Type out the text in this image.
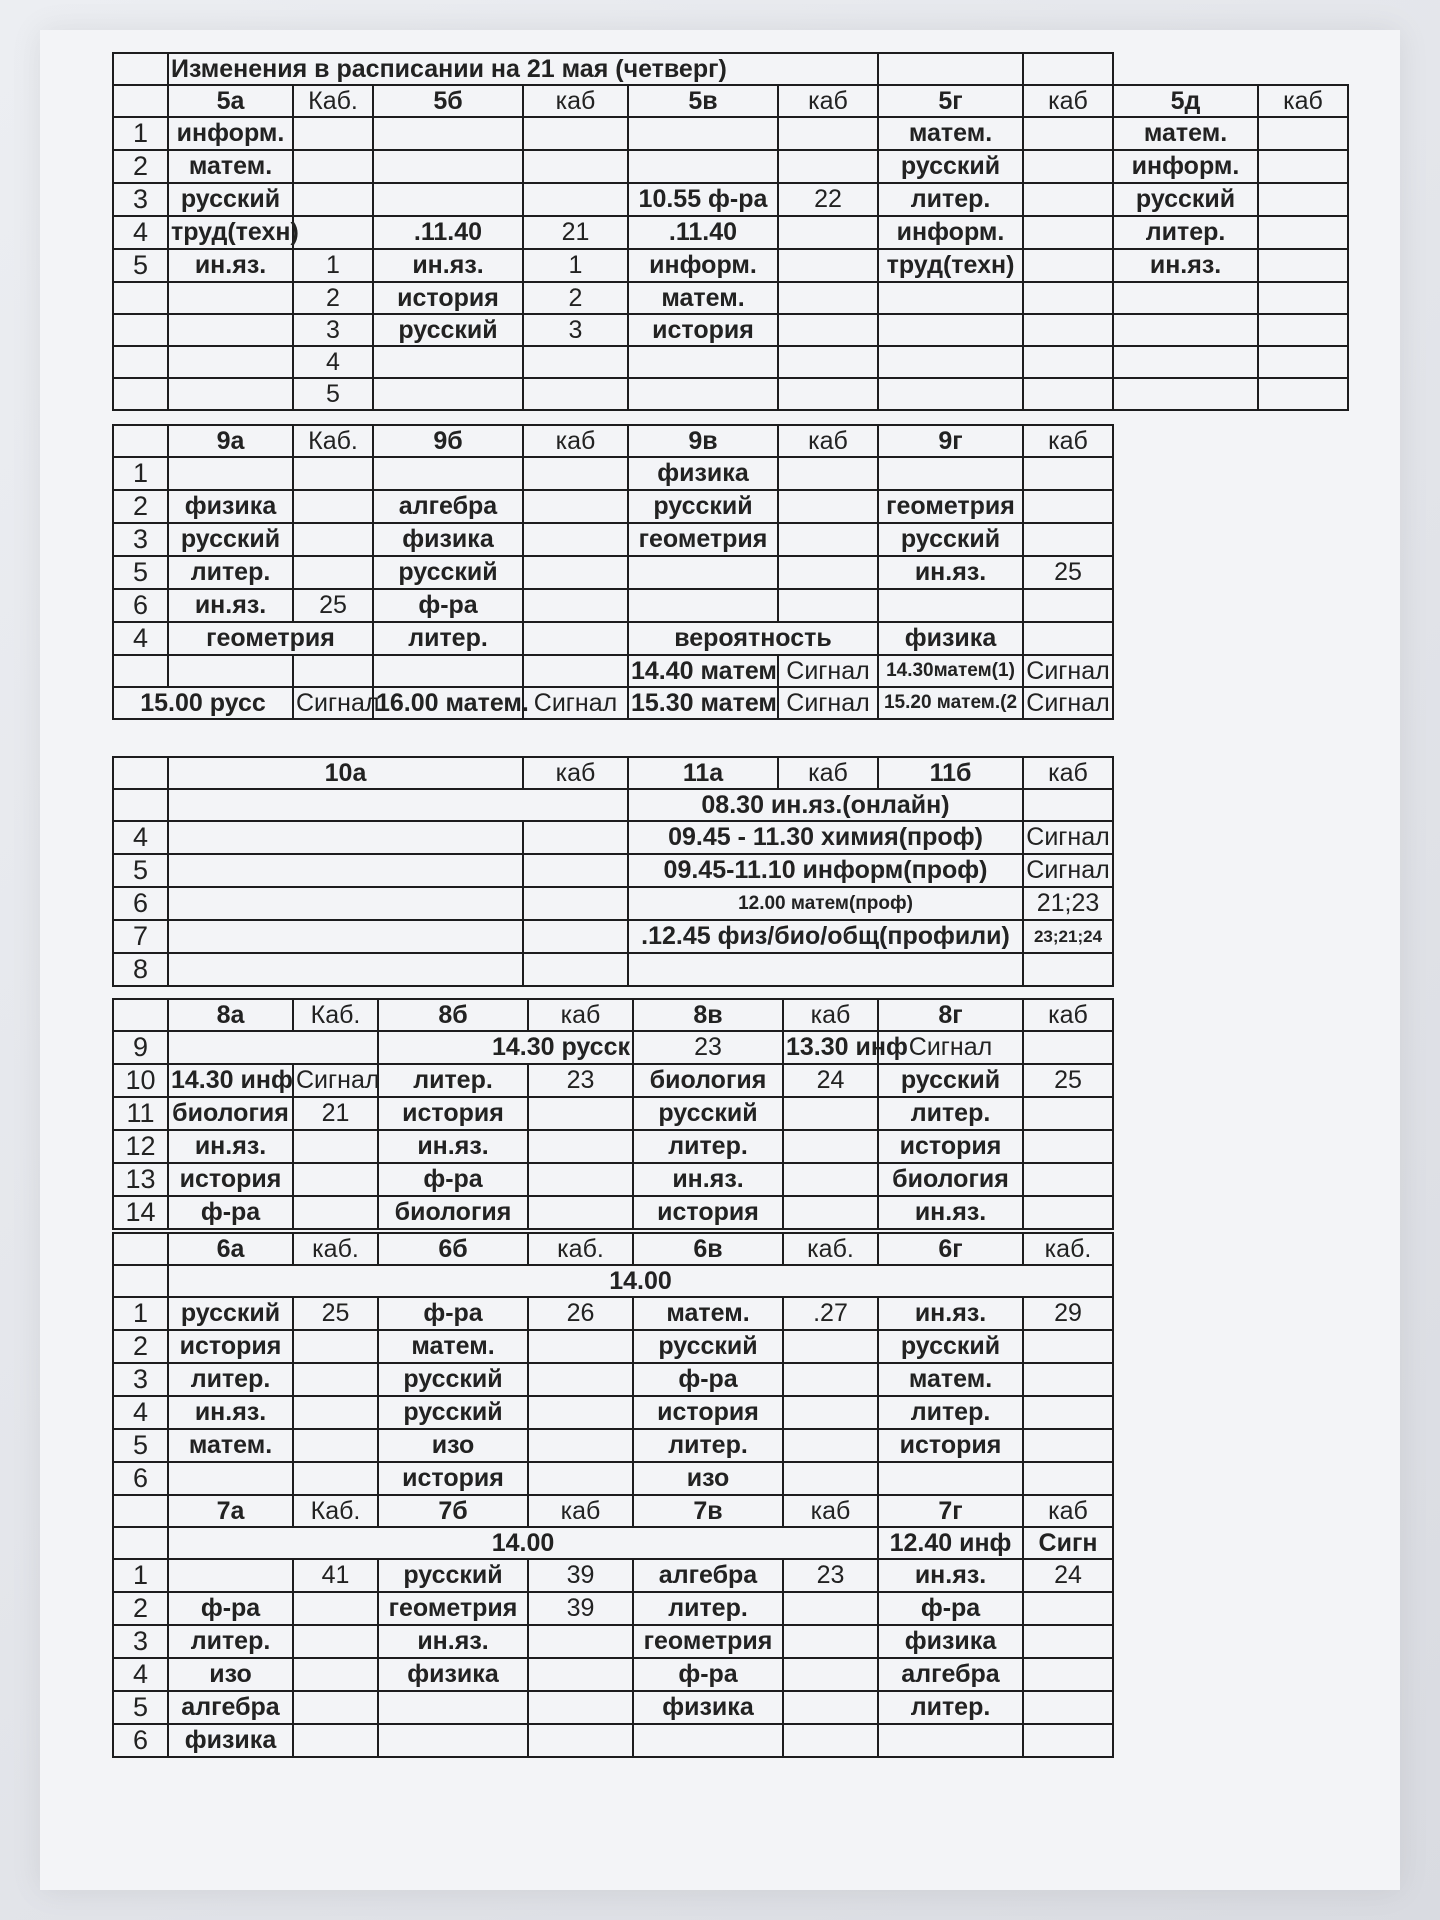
	Изменения в расписании на 21 мая (четверг)									
	5а	Каб.	5б	каб	5в	каб	5г	каб	5д	каб
1	информ.						матем.		матем.	
2	матем.						русский		информ.	
3	русский				10.55 ф-ра	22	литер.		русский	
4	труд(техн)		.11.40	21	.11.40		информ.		литер.	
5	ин.яз.	1	ин.яз.	1	информ.		труд(техн)		ин.яз.	
		2	история	2	матем.					
		3	русский	3	история					
		4								
		5								
	9а	Каб.	9б	каб	9в	каб	9г	каб
1					физика			
2	физика		алгебра		русский		геометрия	
3	русский		физика		геометрия		русский	
5	литер.		русский				ин.яз.	25
6	ин.яз.	25	ф-ра					
4	геометрия		литер.		вероятность		физика	
					14.40 матем	Сигнал	14.30матем(1)	Сигнал
15.00 русс		Сигнал	16.00 матем.	Сигнал	15.30 матем	Сигнал	15.20 матем.(2	Сигнал
	10а	каб	11а	каб	11б	каб
			08.30 ин.яз.(онлайн)			
4			09.45 - 11.30 химия(проф)			Сигнал
5			09.45-11.10 информ(проф)			Сигнал
6			12.00 матем(проф)			21;23
7			.12.45 физ/био/общ(профили)			23;21;24
8						
	8а	Каб.	8б	каб	8в	каб	8г	каб
9			14.30 русск		23	13.30 инф	Сигнал	
10	14.30 инф	Сигнал	литер.	23	биология	24	русский	25
11	биология	21	история		русский		литер.	
12	ин.яз.		ин.яз.		литер.		история	
13	история		ф-ра		ин.яз.		биология	
14	ф-ра		биология		история		ин.яз.	
	6а	каб.	6б	каб.	6в	каб.	6г	каб.
	14.00							
1	русский	25	ф-ра	26	матем.	.27	ин.яз.	29
2	история		матем.		русский		русский	
3	литер.		русский		ф-ра		матем.	
4	ин.яз.		русский		история		литер.	
5	матем.		изо		литер.		история	
6			история		изо			
	7а	Каб.	7б	каб	7в	каб	7г	каб
	14.00						12.40 инф	Сигн
1		41	русский	39	алгебра	23	ин.яз.	24
2	ф-ра		геометрия	39	литер.		ф-ра	
3	литер.		ин.яз.		геометрия		физика	
4	изо		физика		ф-ра		алгебра	
5	алгебра				физика		литер.	
6	физика							
